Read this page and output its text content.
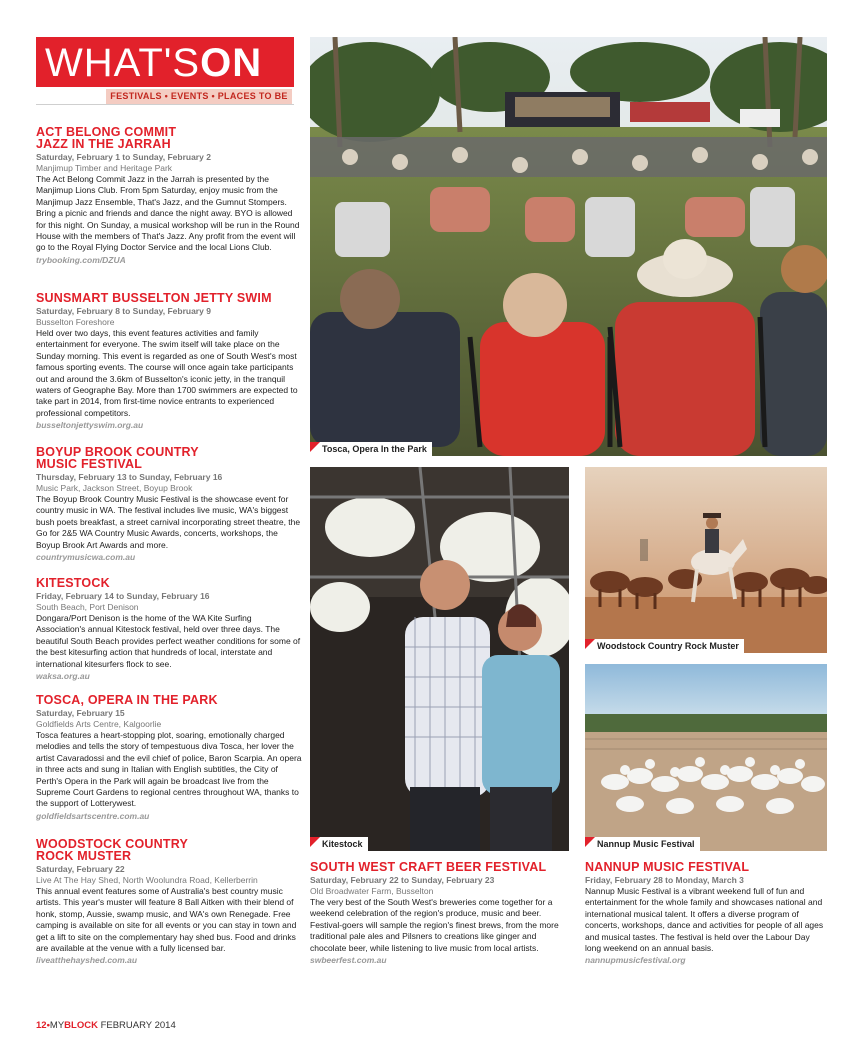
WHAT'SON
FESTIVALS • EVENTS • PLACES TO BE
ACT BELONG COMMIT JAZZ IN THE JARRAH
Saturday, February 1 to Sunday, February 2
Manjimup Timber and Heritage Park
The Act Belong Commit Jazz in the Jarrah is presented by the Manjimup Lions Club. From 5pm Saturday, enjoy music from the Manjimup Jazz Ensemble, That's Jazz, and the Gumnut Stompers. Bring a picnic and friends and dance the night away. BYO is allowed for this night. On Sunday, a musical workshop will be run in the Round House with the members of That's Jazz. Any profit from the event will go to the Royal Flying Doctor Service and the local Lions Club.
trybooking.com/DZUA
SUNSMART BUSSELTON JETTY SWIM
Saturday, February 8 to Sunday, February 9
Busselton Foreshore
Held over two days, this event features activities and family entertainment for everyone. The swim itself will take place on the Sunday morning. This event is regarded as one of South West's most famous sporting events. The course will once again take participants out and around the 3.6km of Busselton's iconic jetty, in the tranquil waters of Geographe Bay. More than 1700 swimmers are expected to take part in 2014, from first-time novice entrants to experienced professional competitors.
busseltonjettyswim.org.au
BOYUP BROOK COUNTRY MUSIC FESTIVAL
Thursday, February 13 to Sunday, February 16
Music Park, Jackson Street, Boyup Brook
The Boyup Brook Country Music Festival is the showcase event for country music in WA. The festival includes live music, WA's biggest bush poets breakfast, a street carnival incorporating street theatre, the Go for 2&5 WA Country Music Awards, concerts, workshops, the Boyup Brook Art Awards and more.
countrymusicwa.com.au
KITESTOCK
Friday, February 14 to Sunday, February 16
South Beach, Port Denison
Dongara/Port Denison is the home of the WA Kite Surfing Association's annual Kitestock festival, held over three days. The beautiful South Beach provides perfect weather conditions for some of the best kitesurfing action that hundreds of local, interstate and international kitesurfers flock to see.
waksa.org.au
TOSCA, OPERA IN THE PARK
Saturday, February 15
Goldfields Arts Centre, Kalgoorlie
Tosca features a heart-stopping plot, soaring, emotionally charged melodies and tells the story of tempestuous diva Tosca, her lover the artist Cavaradossi and the evil chief of police, Baron Scarpia. An opera in three acts and sung in Italian with English subtitles, the City of Perth's Opera in the Park will again be broadcast live from the Supreme Court Gardens to regional centres throughout WA, thanks to the support of Lotterywest.
goldfieldsartscentre.com.au
WOODSTOCK COUNTRY ROCK MUSTER
Saturday, February 22
Live At The Hay Shed, North Woolundra Road, Kellerberrin
This annual event features some of Australia's best country music artists. This year's muster will feature 8 Ball Aitken with their blend of honk, stomp, Aussie, swamp music, and WA's own Renegade. Free camping is available on site for all events or you can stay in town and get a lift to site on the complementary hay shed bus. Food and drinks are available at the venue with a fully licensed bar.
liveatthehayshed.com.au
Tosca, Opera In the Park
Kitestock
Woodstock Country Rock Muster
Nannup Music Festival
SOUTH WEST CRAFT BEER FESTIVAL
Saturday, February 22 to Sunday, February 23
Old Broadwater Farm, Busselton
The very best of the South West's breweries come together for a weekend celebration of the region's produce, music and beer. Festival-goers will sample the region's finest brews, from the more traditional pale ales and Pilsners to creations like ginger and chocolate beer, while listening to live music from local artists.
swbeerfest.com.au
NANNUP MUSIC FESTIVAL
Friday, February 28 to Monday, March 3
Nannup Music Festival is a vibrant weekend full of fun and entertainment for the whole family and showcases national and international musical talent. It offers a diverse program of concerts, workshops, dance and activities for people of all ages and musical tastes. The festival is held over the Labour Day long weekend on an annual basis.
nannupmusicfestival.org
12•MYBLOCK FEBRUARY 2014
